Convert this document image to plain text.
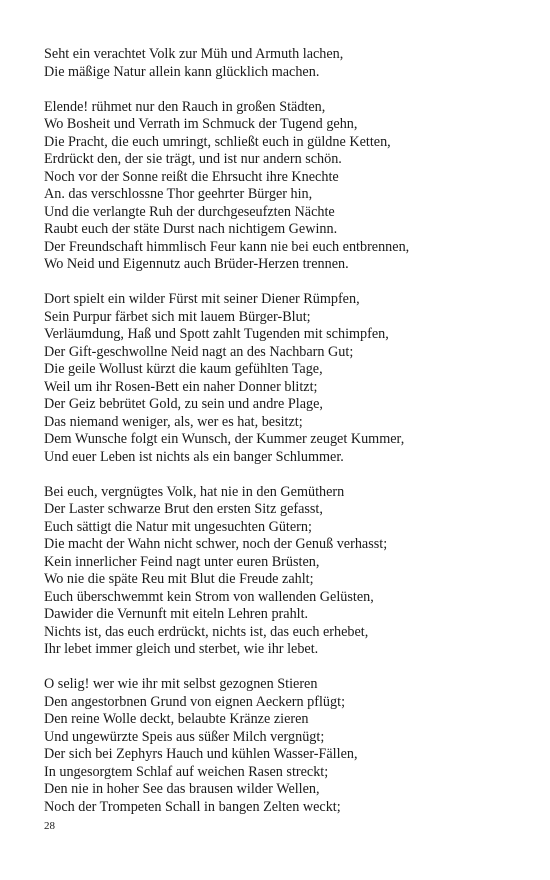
Seht ein verachtet Volk zur Müh und Armuth lachen,
Die mäßige Natur allein kann glücklich machen.
Elende! rühmet nur den Rauch in großen Städten,
Wo Bosheit und Verrath im Schmuck der Tugend gehn,
Die Pracht, die euch umringt, schließt euch in güldne Ketten,
Erdrückt den, der sie trägt, und ist nur andern schön.
Noch vor der Sonne reißt die Ehrsucht ihre Knechte
An. das verschlossne Thor geehrter Bürger hin,
Und die verlangte Ruh der durchgeseufzten Nächte
Raubt euch der stäte Durst nach nichtigem Gewinn.
Der Freundschaft himmlisch Feur kann nie bei euch entbrennen,
Wo Neid und Eigennutz auch Brüder-Herzen trennen.
Dort spielt ein wilder Fürst mit seiner Diener Rümpfen,
Sein Purpur färbet sich mit lauem Bürger-Blut;
Verläumdung, Haß und Spott zahlt Tugenden mit schimpfen,
Der Gift-geschwollne Neid nagt an des Nachbarn Gut;
Die geile Wollust kürzt die kaum gefühlten Tage,
Weil um ihr Rosen-Bett ein naher Donner blitzt;
Der Geiz bebrütet Gold, zu sein und andre Plage,
Das niemand weniger, als, wer es hat, besitzt;
Dem Wunsche folgt ein Wunsch, der Kummer zeuget Kummer,
Und euer Leben ist nichts als ein banger Schlummer.
Bei euch, vergnügtes Volk, hat nie in den Gemüthern
Der Laster schwarze Brut den ersten Sitz gefasst,
Euch sättigt die Natur mit ungesuchten Gütern;
Die macht der Wahn nicht schwer, noch der Genuß verhasst;
Kein innerlicher Feind nagt unter euren Brüsten,
Wo nie die späte Reu mit Blut die Freude zahlt;
Euch überschwemmt kein Strom von wallenden Gelüsten,
Dawider die Vernunft mit eiteln Lehren prahlt.
Nichts ist, das euch erdrückt, nichts ist, das euch erhebet,
Ihr lebet immer gleich und sterbet, wie ihr lebet.
O selig! wer wie ihr mit selbst gezognen Stieren
Den angestorbnen Grund von eignen Aeckern pflügt;
Den reine Wolle deckt, belaubte Kränze zieren
Und ungewürzte Speis aus süßer Milch vergnügt;
Der sich bei Zephyrs Hauch und kühlen Wasser-Fällen,
In ungesorgtem Schlaf auf weichen Rasen streckt;
Den nie in hoher See das brausen wilder Wellen,
Noch der Trompeten Schall in bangen Zelten weckt;
28
